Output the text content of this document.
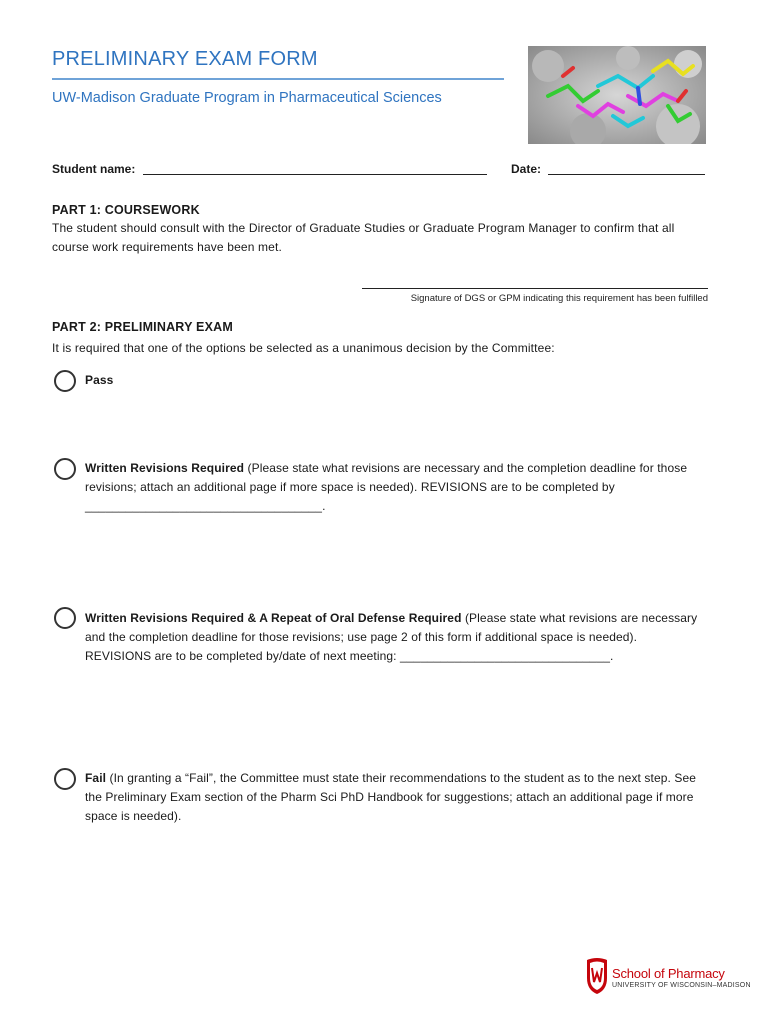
PRELIMINARY EXAM FORM
UW-Madison Graduate Program in Pharmaceutical Sciences
Student name:	Date:
PART 1: COURSEWORK
The student should consult with the Director of Graduate Studies or Graduate Program Manager to confirm that all course work requirements have been met.
Signature of DGS or GPM indicating this requirement has been fulfilled
PART 2: PRELIMINARY EXAM
It is required that one of the options be selected as a unanimous decision by the Committee:
Pass
Written Revisions Required (Please state what revisions are necessary and the completion deadline for those revisions; attach an additional page if more space is needed). REVISIONS are to be completed by ___________________________________.
Written Revisions Required & A Repeat of Oral Defense Required (Please state what revisions are necessary and the completion deadline for those revisions; use page 2 of this form if additional space is needed). REVISIONS are to be completed by/date of next meeting: _______________________________.
Fail (In granting a “Fail”, the Committee must state their recommendations to the student as to the next step. See the Preliminary Exam section of the Pharm Sci PhD Handbook for suggestions; attach an additional page if more space is needed).
School of Pharmacy
UNIVERSITY OF WISCONSIN–MADISON
